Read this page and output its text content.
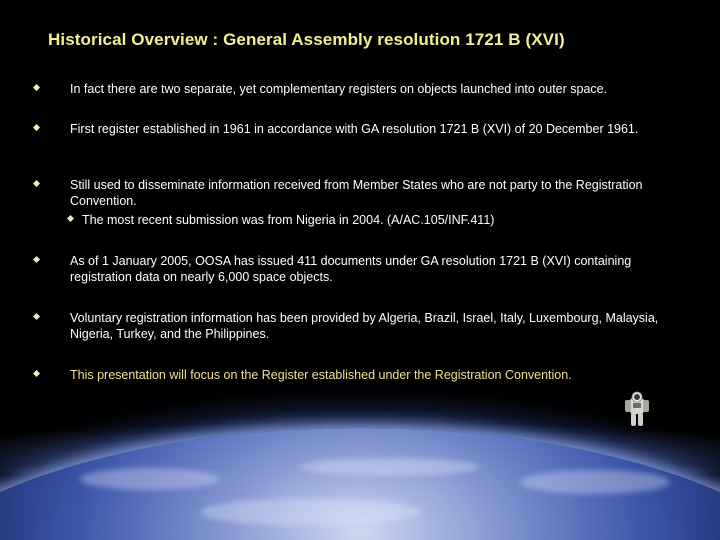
Historical Overview : General Assembly resolution 1721 B (XVI)
In fact there are two separate, yet complementary registers on objects launched into outer space.
First register established in 1961 in accordance with GA resolution 1721 B (XVI) of 20 December 1961.
Still used to disseminate information received from Member States who are not party to the Registration Convention.
The most recent submission was from Nigeria in 2004. (A/AC.105/INF.411)
As of 1 January 2005, OOSA has issued 411 documents under GA resolution 1721 B (XVI) containing registration data on nearly 6,000 space objects.
Voluntary registration information has been provided by Algeria, Brazil, Israel, Italy, Luxembourg, Malaysia, Nigeria, Turkey, and the Philippines.
This presentation will focus on the Register established under the Registration Convention.
